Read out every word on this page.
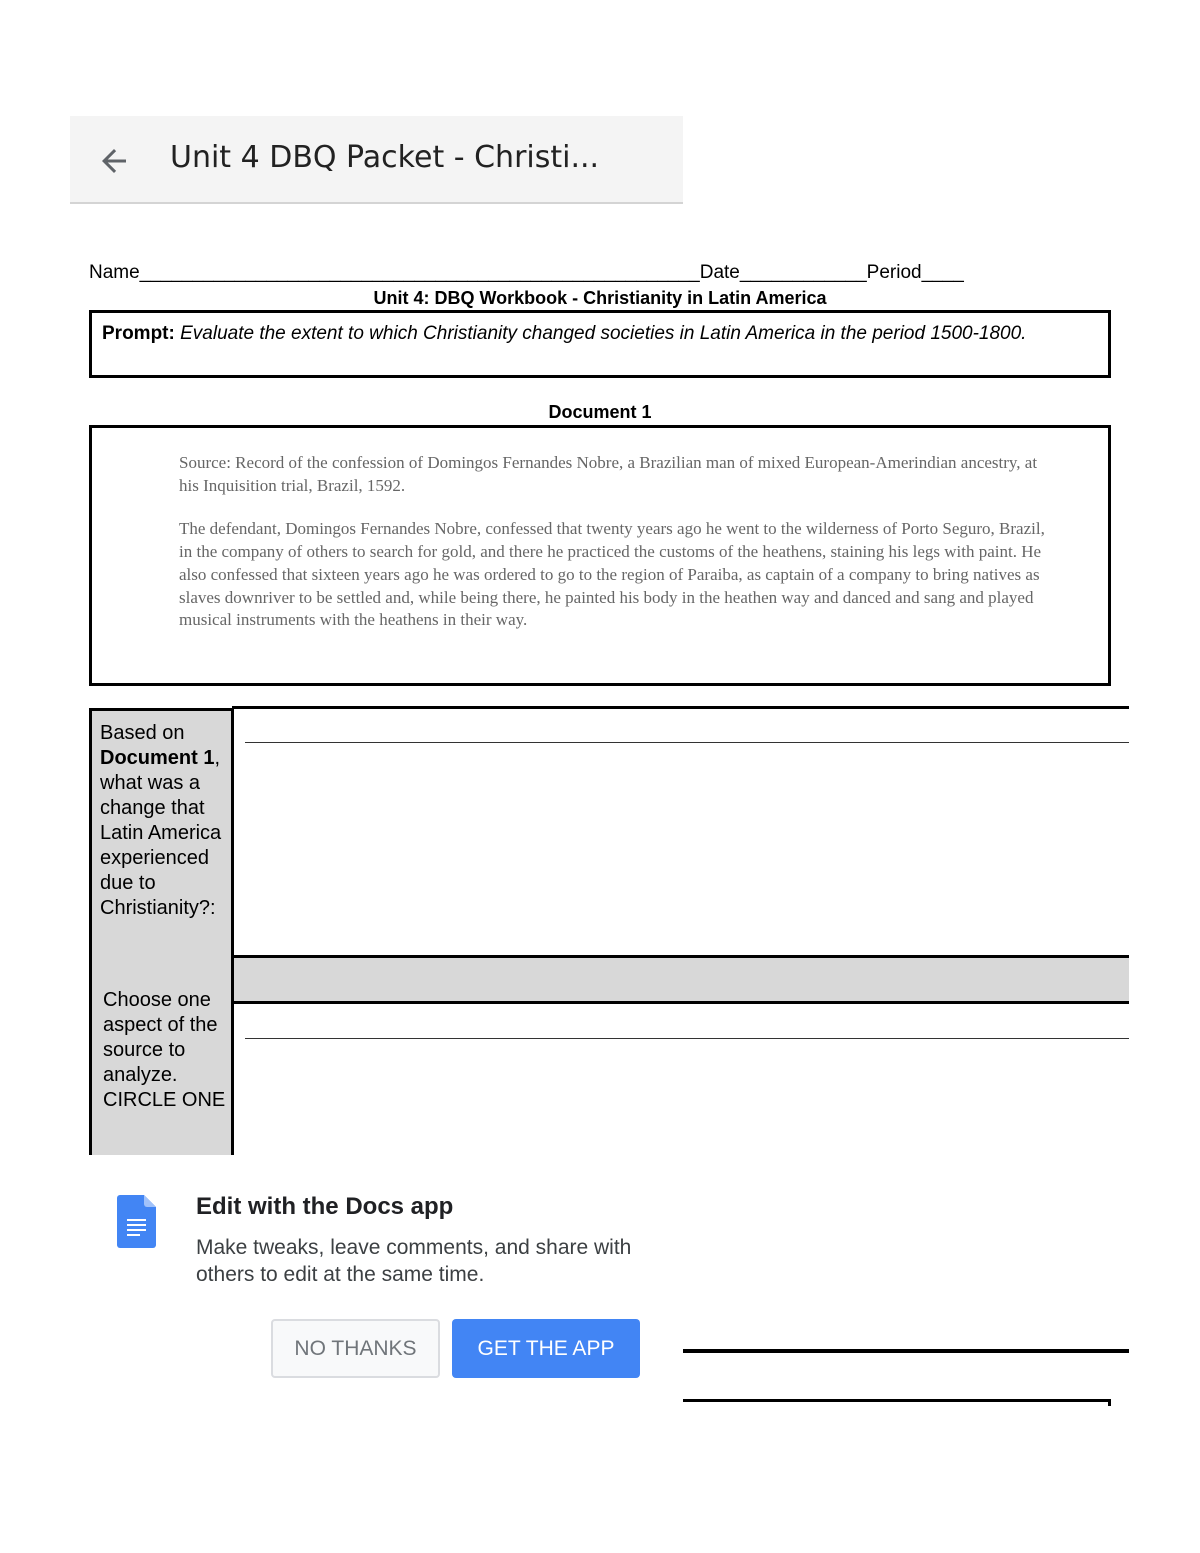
Unit 4 DBQ Packet - Christi...
Name_____________________________________________________Date____________Period____
Unit 4: DBQ Workbook - Christianity in Latin America
Prompt: Evaluate the extent to which Christianity changed societies in Latin America in the period 1500-1800.
Document 1

Source: Record of the confession of Domingos Fernandes Nobre, a Brazilian man of mixed European-Amerindian ancestry, at his Inquisition trial, Brazil, 1592.

The defendant, Domingos Fernandes Nobre, confessed that twenty years ago he went to the wilderness of Porto Seguro, Brazil, in the company of others to search for gold, and there he practiced the customs of the heathens, staining his legs with paint. He also confessed that sixteen years ago he was ordered to go to the region of Paraiba, as captain of a company to bring natives as slaves downriver to be settled and, while being there, he painted his body in the heathen way and danced and sang and played musical instruments with the heathens in their way.

Based on Document 1, what was a change that Latin America experienced due to Christianity?:
Choose one aspect of the source to analyze. CIRCLE ONE
Edit with the Docs app
Make tweaks, leave comments, and share with others to edit at the same time.
NO THANKS	GET THE APP
